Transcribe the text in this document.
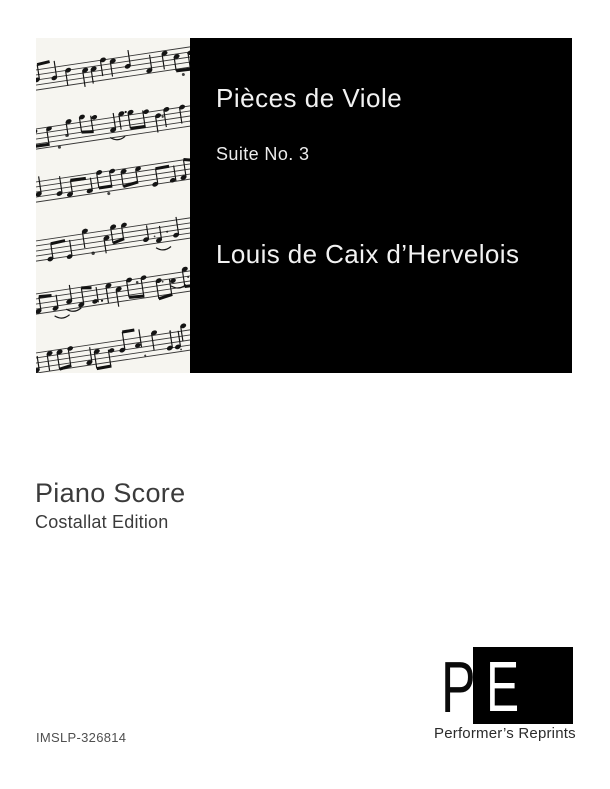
Pièces de Viole
Suite No. 3
Louis de Caix d’Hervelois
Piano Score
Costallat Edition
P E
Performer’s Reprints
IMSLP-326814
